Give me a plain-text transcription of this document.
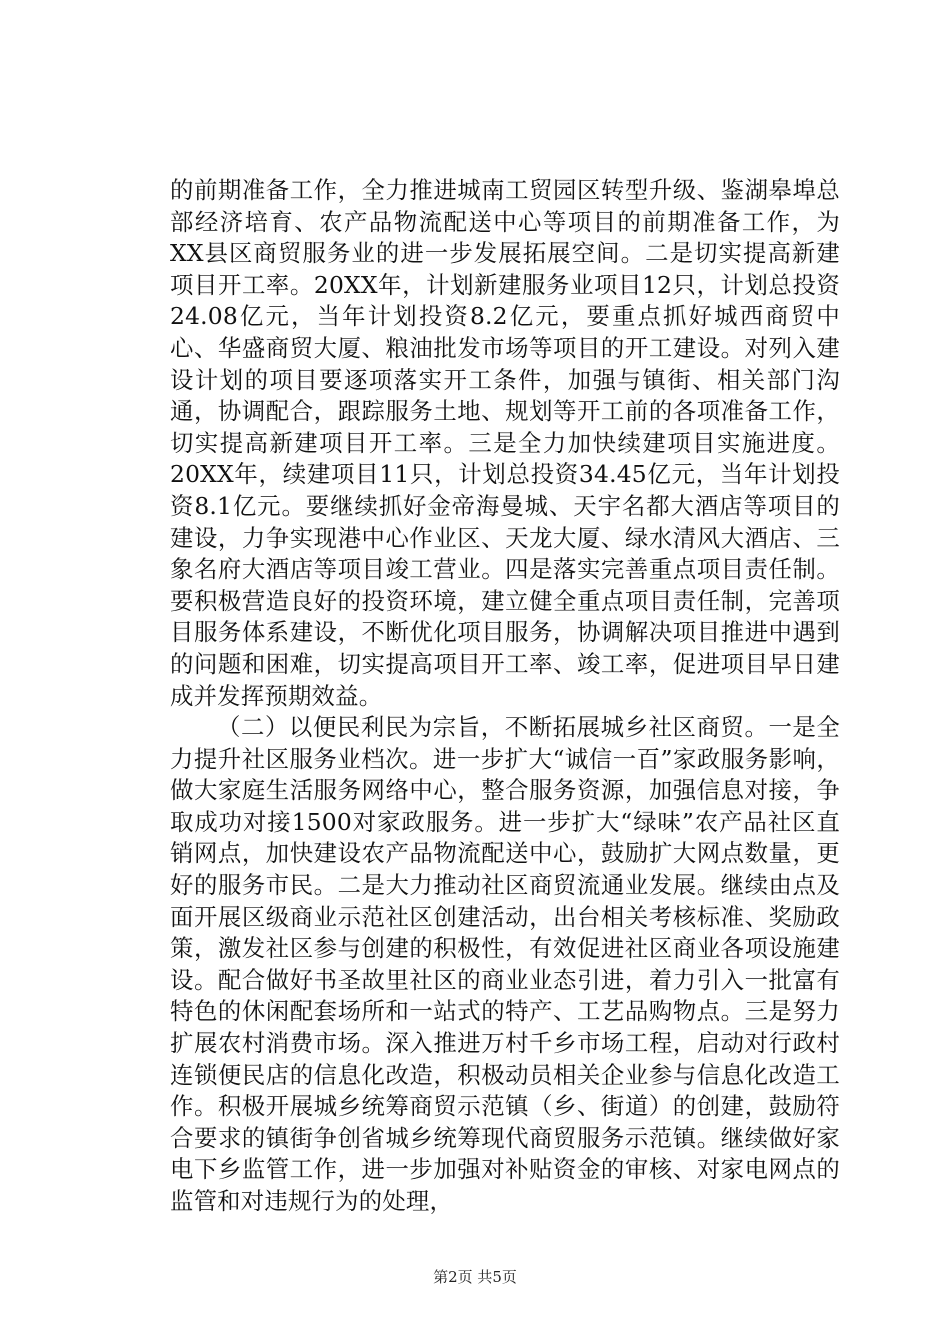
的前期准备工作，全力推进城南工贸园区转型升级、鉴湖皋埠总部经济培育、农产品物流配送中心等项目的前期准备工作，为XX县区商贸服务业的进一步发展拓展空间。二是切实提高新建项目开工率。20XX年，计划新建服务业项目12只，计划总投资24.08亿元，当年计划投资8.2亿元，要重点抓好城西商贸中心、华盛商贸大厦、粮油批发市场等项目的开工建设。对列入建设计划的项目要逐项落实开工条件，加强与镇街、相关部门沟通，协调配合，跟踪服务土地、规划等开工前的各项准备工作，切实提高新建项目开工率。三是全力加快续建项目实施进度。20XX年，续建项目11只，计划总投资34.45亿元，当年计划投资8.1亿元。要继续抓好金帝海曼城、天宇名都大酒店等项目的建设，力争实现港中心作业区、天龙大厦、绿水清风大酒店、三象名府大酒店等项目竣工营业。四是落实完善重点项目责任制。要积极营造良好的投资环境，建立健全重点项目责任制，完善项目服务体系建设，不断优化项目服务，协调解决项目推进中遇到的问题和困难，切实提高项目开工率、竣工率，促进项目早日建成并发挥预期效益。

（二）以便民利民为宗旨，不断拓展城乡社区商贸。一是全力提升社区服务业档次。进一步扩大“诚信一百”家政服务影响，做大家庭生活服务网络中心，整合服务资源，加强信息对接，争取成功对接1500对家政服务。进一步扩大“绿味”农产品社区直销网点，加快建设农产品物流配送中心，鼓励扩大网点数量，更好的服务市民。二是大力推动社区商贸流通业发展。继续由点及面开展区级商业示范社区创建活动，出台相关考核标准、奖励政策，激发社区参与创建的积极性，有效促进社区商业各项设施建设。配合做好书圣故里社区的商业业态引进，着力引入一批富有特色的休闲配套场所和一站式的特产、工艺品购物点。三是努力扩展农村消费市场。深入推进万村千乡市场工程，启动对行政村连锁便民店的信息化改造，积极动员相关企业参与信息化改造工作。积极开展城乡统筹商贸示范镇（乡、街道）的创建，鼓励符合要求的镇街争创省城乡统筹现代商贸服务示范镇。继续做好家电下乡监管工作，进一步加强对补贴资金的审核、对家电网点的监管和对违规行为的处理，

第2页 共5页
